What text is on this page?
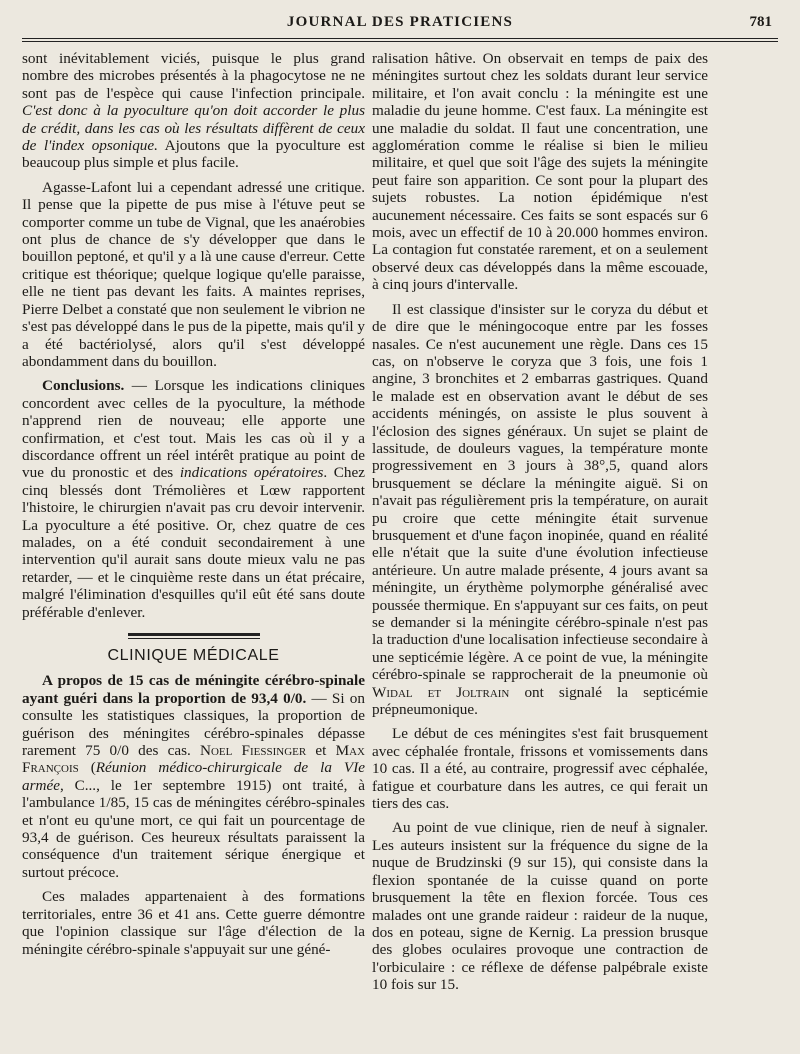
JOURNAL DES PRATICIENS	781

sont inévitablement viciés, puisque le plus grand nombre des microbes présentés à la phagocytose ne ne sont pas de l'espèce qui cause l'infection principale. C'est donc à la pyoculture qu'on doit accorder le plus de crédit, dans les cas où les résultats diffèrent de ceux de l'index opsonique. Ajoutons que la pyoculture est beaucoup plus simple et plus facile.

Agasse-Lafont lui a cependant adressé une critique. Il pense que la pipette de pus mise à l'étuve peut se comporter comme un tube de Vignal, que les anaérobies ont plus de chance de s'y développer que dans le bouillon peptoné, et qu'il y a là une cause d'erreur. Cette critique est théorique; quelque logique qu'elle paraisse, elle ne tient pas devant les faits. A maintes reprises, Pierre Delbet a constaté que non seulement le vibrion ne s'est pas développé dans le pus de la pipette, mais qu'il y a été bactériolysé, alors qu'il s'est développé abondamment dans du bouillon.

Conclusions. — Lorsque les indications cliniques concordent avec celles de la pyoculture, la méthode n'apprend rien de nouveau; elle apporte une confirmation, et c'est tout. Mais les cas où il y a discordance offrent un réel intérêt pratique au point de vue du pronostic et des indications opératoires. Chez cinq blessés dont Trémolières et Lœw rapportent l'histoire, le chirurgien n'avait pas cru devoir intervenir. La pyoculture a été positive. Or, chez quatre de ces malades, on a été conduit secondairement à une intervention qu'il aurait sans doute mieux valu ne pas retarder, — et le cinquième reste dans un état précaire, malgré l'élimination d'esquilles qu'il eût été sans doute préférable d'enlever.

CLINIQUE MÉDICALE

A propos de 15 cas de méningite cérébro-spinale ayant guéri dans la proportion de 93,4 0/0. — Si on consulte les statistiques classiques, la proportion de guérison des méningites cérébro-spinales dépasse rarement 75 0/0 des cas. Noel Fiessinger et Max François (Réunion médico-chirurgicale de la VIe armée, C..., le 1er septembre 1915) ont traité, à l'ambulance 1/85, 15 cas de méningites cérébro-spinales et n'ont eu qu'une mort, ce qui fait un pourcentage de 93,4 de guérison. Ces heureux résultats paraissent la conséquence d'un traitement sérique énergique et surtout précoce.

Ces malades appartenaient à des formations territoriales, entre 36 et 41 ans. Cette guerre démontre que l'opinion classique sur l'âge d'élection de la méningite cérébro-spinale s'appuyait sur une géné-

ralisation hâtive. On observait en temps de paix des méningites surtout chez les soldats durant leur service militaire, et l'on avait conclu : la méningite est une maladie du jeune homme. C'est faux. La méningite est une maladie du soldat. Il faut une concentration, une agglomération comme le réalise si bien le milieu militaire, et quel que soit l'âge des sujets la méningite peut faire son apparition. Ce sont pour la plupart des sujets robustes. La notion épidémique n'est aucunement nécessaire. Ces faits se sont espacés sur 6 mois, avec un effectif de 10 à 20.000 hommes environ. La contagion fut constatée rarement, et on a seulement observé deux cas développés dans la même escouade, à cinq jours d'intervalle.

Il est classique d'insister sur le coryza du début et de dire que le méningocoque entre par les fosses nasales. Ce n'est aucunement une règle. Dans ces 15 cas, on n'observe le coryza que 3 fois, une fois 1 angine, 3 bronchites et 2 embarras gastriques. Quand le malade est en observation avant le début de ses accidents méningés, on assiste le plus souvent à l'éclosion des signes généraux. Un sujet se plaint de lassitude, de douleurs vagues, la température monte progressivement en 3 jours à 38°,5, quand alors brusquement se déclare la méningite aiguë. Si on n'avait pas régulièrement pris la température, on aurait pu croire que cette méningite était survenue brusquement et d'une façon inopinée, quand en réalité elle n'était que la suite d'une évolution infectieuse antérieure. Un autre malade présente, 4 jours avant sa méningite, un érythème polymorphe généralisé avec poussée thermique. En s'appuyant sur ces faits, on peut se demander si la méningite cérébro-spinale n'est pas la traduction d'une localisation infectieuse secondaire à une septicémie légère. A ce point de vue, la méningite cérébro-spinale se rapprocherait de la pneumonie où Widal et Joltrain ont signalé la septicémie prépneumonique.

Le début de ces méningites s'est fait brusquement avec céphalée frontale, frissons et vomissements dans 10 cas. Il a été, au contraire, progressif avec céphalée, fatigue et courbature dans les autres, ce qui ferait un tiers des cas.

Au point de vue clinique, rien de neuf à signaler. Les auteurs insistent sur la fréquence du signe de la nuque de Brudzinski (9 sur 15), qui consiste dans la flexion spontanée de la cuisse quand on porte brusquement la tête en flexion forcée. Tous ces malades ont une grande raideur : raideur de la nuque, dos en poteau, signe de Kernig. La pression brusque des globes oculaires provoque une contraction de l'orbiculaire : ce réflexe de défense palpébrale existe 10 fois sur 15.
